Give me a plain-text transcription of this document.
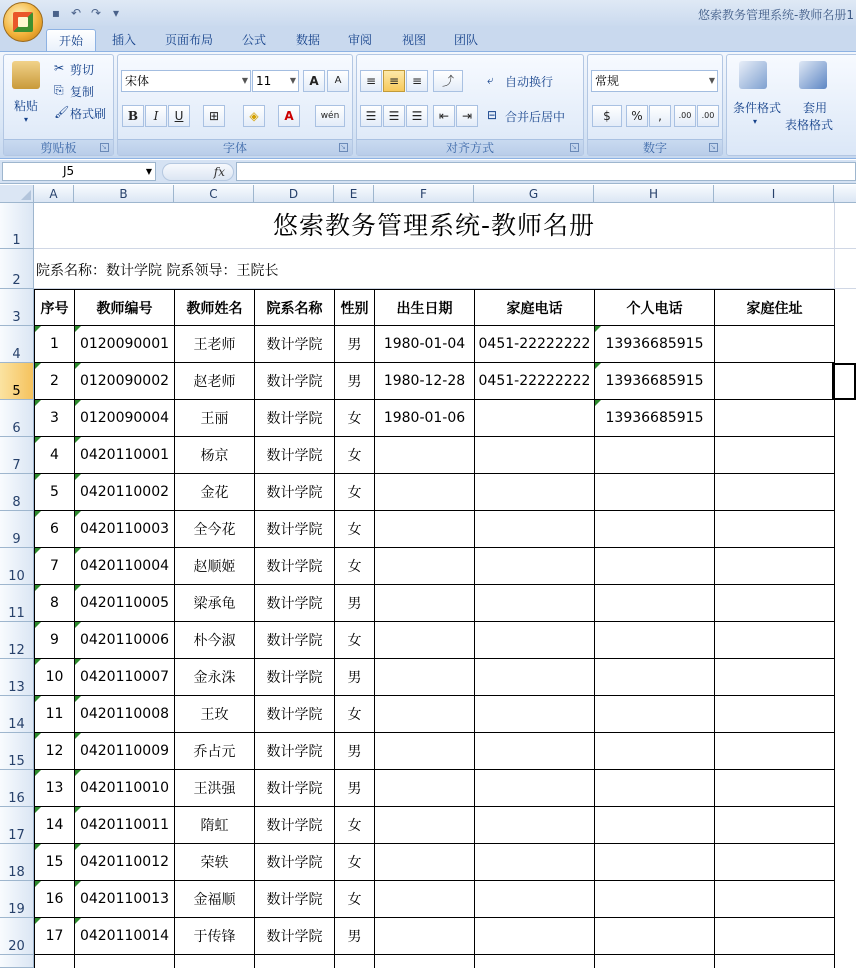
▪ ↶ ↷ ▾	悠索教务管理系统-教师名册1
开始	插入	页面布局	公式	数据	审阅	视图	团队
粘贴
▾
✂ 剪切
⎘ 复制
🖌 格式刷
剪贴板	↘
宋体	▼ 11 ▼	A	A
B	I	U	⊞	◈	A	wén
字体	↘
≡	≡	≡	⤴
☰	☰	☰	⇤	⇥
⤶ 自动换行
⊟ 合并后居中
对齐方式	↘
常规	▼
$	%	,	.00	.00
数字	↘
条件格式
▾
套用
表格格式
J5	▼	fx
A	B	C	D	E	F	G	H	I
1
2
3
4
5
6
7
8
9
10
11
12
13
14
15
16
17
18
19
20
悠索教务管理系统-教师名册
院系名称：数计学院 院系领导：王院长
序号	教师编号	教师姓名	院系名称	性别	出生日期	家庭电话	个人电话	家庭住址
1	0120090001	王老师	数计学院	男	1980-01-04	0451-22222222	13936685915	
2	0120090002	赵老师	数计学院	男	1980-12-28	0451-22222222	13936685915	
3	0120090004	王丽	数计学院	女	1980-01-06		13936685915	
4	0420110001	杨京	数计学院	女				
5	0420110002	金花	数计学院	女				
6	0420110003	全今花	数计学院	女				
7	0420110004	赵顺姬	数计学院	女				
8	0420110005	梁承龟	数计学院	男				
9	0420110006	朴今淑	数计学院	女				
10	0420110007	金永洙	数计学院	男				
11	0420110008	王玫	数计学院	女				
12	0420110009	乔占元	数计学院	男				
13	0420110010	王洪强	数计学院	男				
14	0420110011	隋虹	数计学院	女				
15	0420110012	荣轶	数计学院	女				
16	0420110013	金福顺	数计学院	女				
17	0420110014	于传锋	数计学院	男				
